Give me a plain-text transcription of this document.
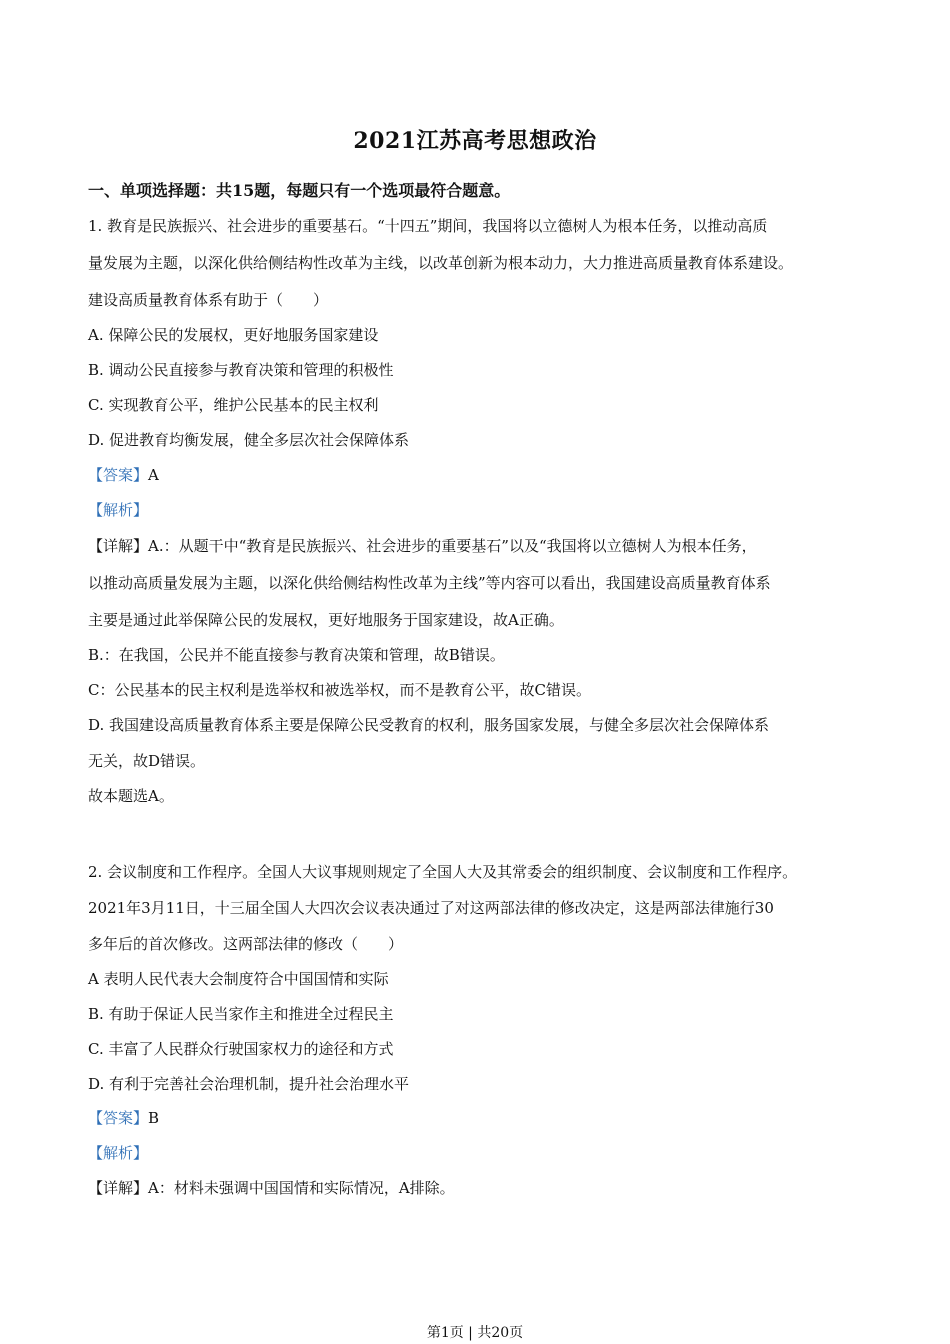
2021江苏高考思想政治
一、单项选择题：共15题，每题只有一个选项最符合题意。
1. 教育是民族振兴、社会进步的重要基石。“十四五”期间，我国将以立德树人为根本任务，以推动高质
量发展为主题，以深化供给侧结构性改革为主线，以改革创新为根本动力，大力推进高质量教育体系建设。
建设高质量教育体系有助于（　　）
A. 保障公民的发展权，更好地服务国家建设
B. 调动公民直接参与教育决策和管理的积极性
C. 实现教育公平，维护公民基本的民主权利
D. 促进教育均衡发展，健全多层次社会保障体系
【答案】A
【解析】
【详解】A.：从题干中“教育是民族振兴、社会进步的重要基石”以及“我国将以立德树人为根本任务，
以推动高质量发展为主题，以深化供给侧结构性改革为主线”等内容可以看出，我国建设高质量教育体系
主要是通过此举保障公民的发展权，更好地服务于国家建设，故A正确。
B.：在我国，公民并不能直接参与教育决策和管理，故B错误。
C：公民基本的民主权利是选举权和被选举权，而不是教育公平，故C错误。
D. 我国建设高质量教育体系主要是保障公民受教育的权利，服务国家发展，与健全多层次社会保障体系
无关，故D错误。
故本题选A。
2. 会议制度和工作程序。全国人大议事规则规定了全国人大及其常委会的组织制度、会议制度和工作程序。
2021年3月11日，十三届全国人大四次会议表决通过了对这两部法律的修改决定，这是两部法律施行30
多年后的首次修改。这两部法律的修改（　　）
A 表明人民代表大会制度符合中国国情和实际
B. 有助于保证人民当家作主和推进全过程民主
C. 丰富了人民群众行驶国家权力的途径和方式
D. 有利于完善社会治理机制，提升社会治理水平
【答案】B
【解析】
【详解】A：材料未强调中国国情和实际情况，A排除。
第1页 | 共20页
